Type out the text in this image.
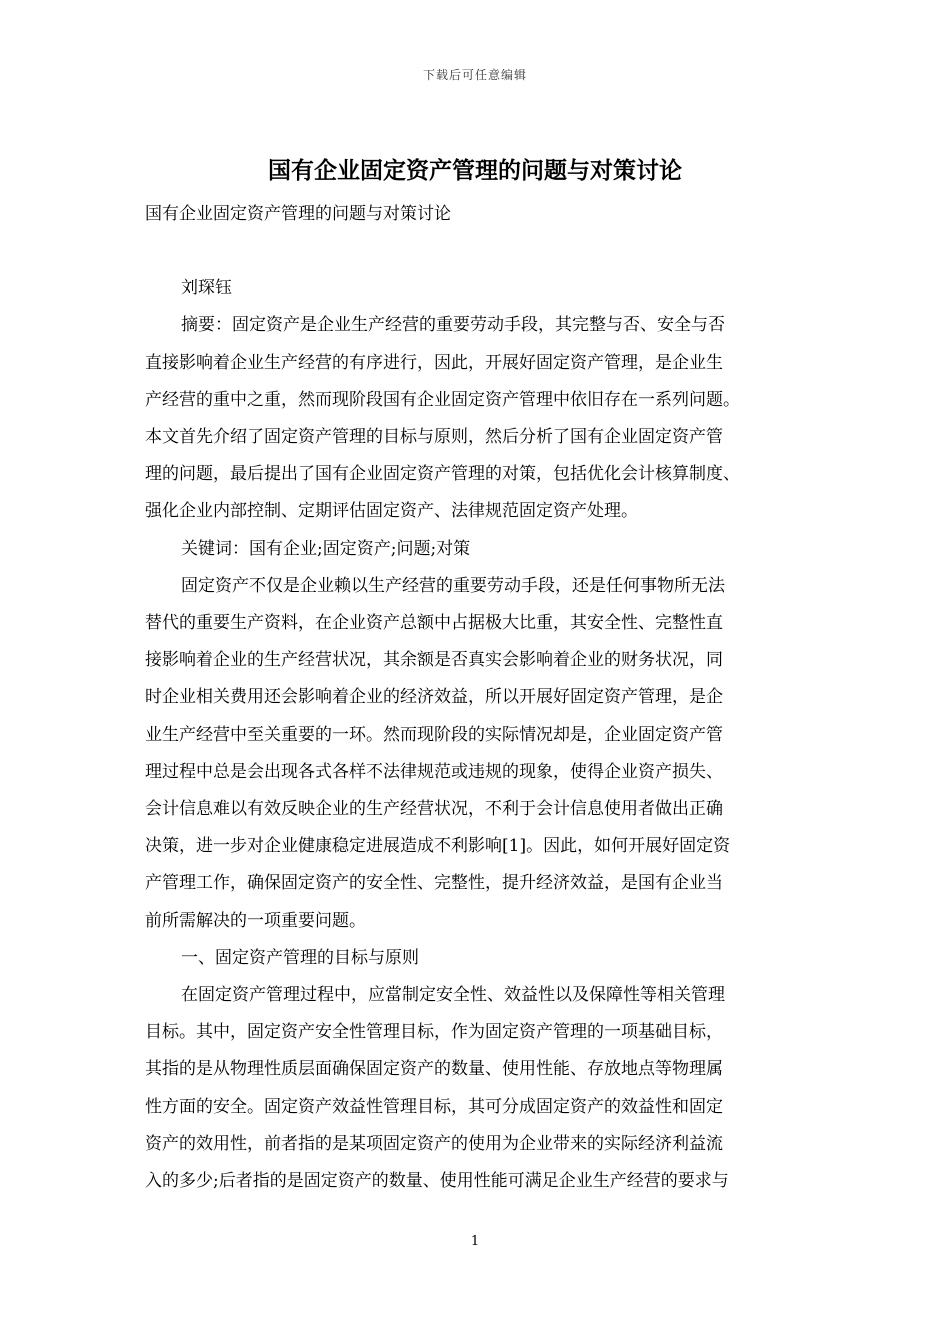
下载后可任意编辑
国有企业固定资产管理的问题与对策讨论

国有企业固定资产管理的问题与对策讨论

刘琛钰

摘要：固定资产是企业生产经营的重要劳动手段，其完整与否、安全与否

直接影响着企业生产经营的有序进行，因此，开展好固定资产管理，是企业生

产经营的重中之重，然而现阶段国有企业固定资产管理中依旧存在一系列问题。

本文首先介绍了固定资产管理的目标与原则，然后分析了国有企业固定资产管

理的问题，最后提出了国有企业固定资产管理的对策，包括优化会计核算制度、

强化企业内部控制、定期评估固定资产、法律规范固定资产处理。

关键词：国有企业;固定资产;问题;对策

固定资产不仅是企业赖以生产经营的重要劳动手段，还是任何事物所无法

替代的重要生产资料，在企业资产总额中占据极大比重，其安全性、完整性直

接影响着企业的生产经营状况，其余额是否真实会影响着企业的财务状况，同

时企业相关费用还会影响着企业的经济效益，所以开展好固定资产管理，是企

业生产经营中至关重要的一环。然而现阶段的实际情况却是，企业固定资产管

理过程中总是会出现各式各样不法律规范或违规的现象，使得企业资产损失、

会计信息难以有效反映企业的生产经营状况，不利于会计信息使用者做出正确

决策，进一步对企业健康稳定进展造成不利影响[1]。因此，如何开展好固定资

产管理工作，确保固定资产的安全性、完整性，提升经济效益，是国有企业当

前所需解决的一项重要问题。

一、固定资产管理的目标与原则

在固定资产管理过程中，应當制定安全性、效益性以及保障性等相关管理

目标。其中，固定资产安全性管理目标，作为固定资产管理的一项基础目标，

其指的是从物理性质层面确保固定资产的数量、使用性能、存放地点等物理属

性方面的安全。固定资产效益性管理目标，其可分成固定资产的效益性和固定

资产的效用性，前者指的是某项固定资产的使用为企业带来的实际经济利益流

入的多少;后者指的是固定资产的数量、使用性能可满足企业生产经营的要求与

1
